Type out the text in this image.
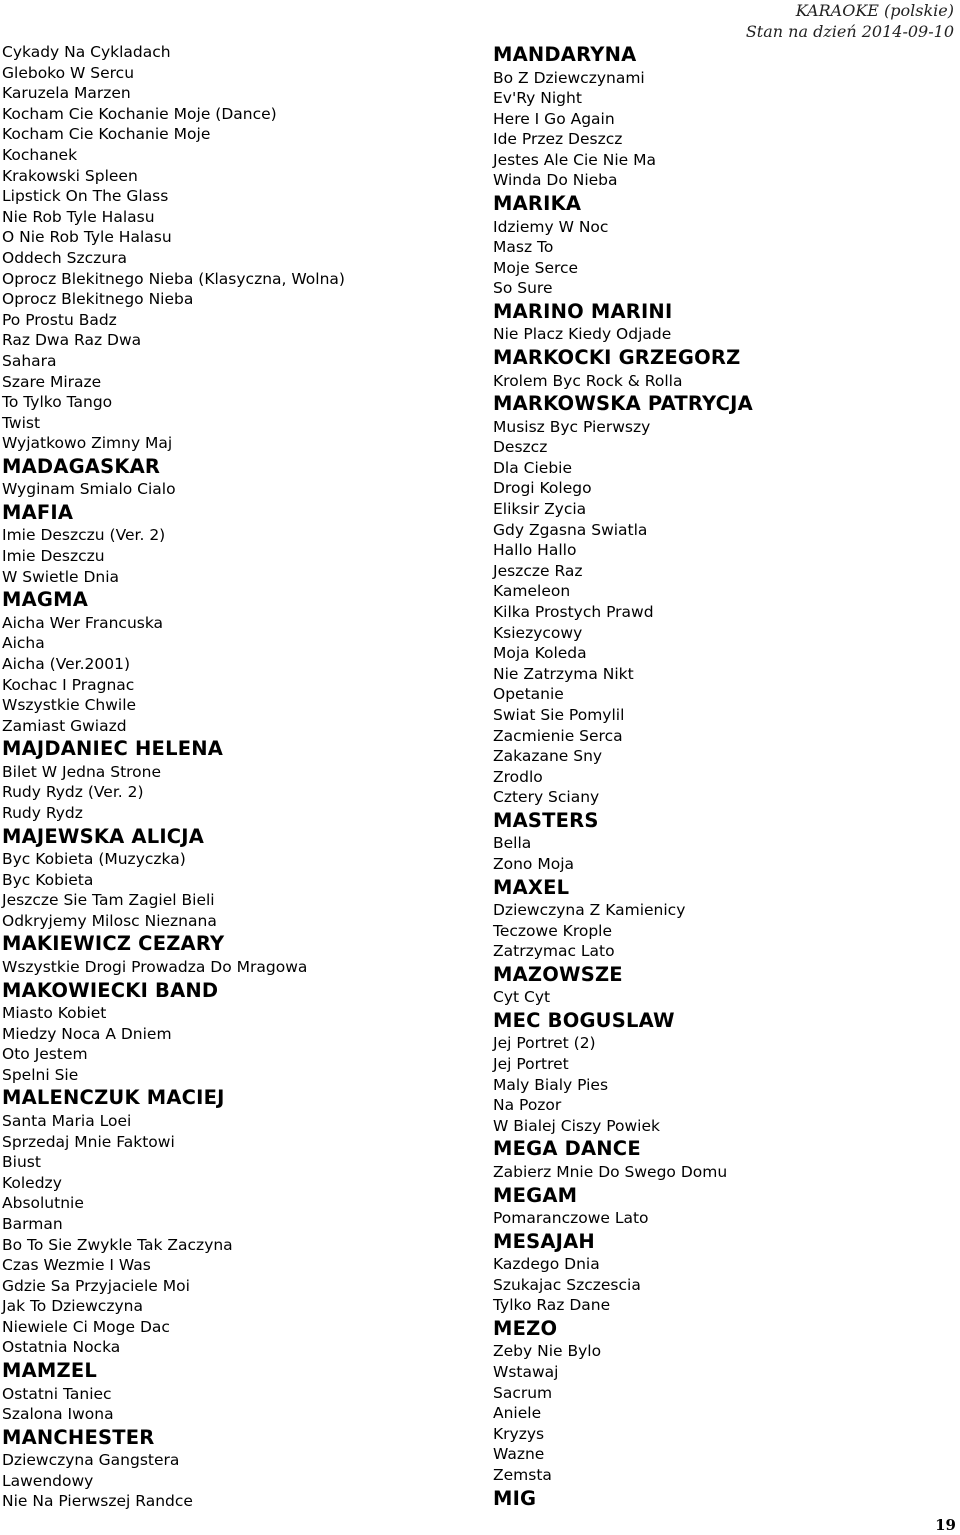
KARAOKE (polskie)
Stan na dzień 2014-09-10
Cykady Na Cykladach
Gleboko W Sercu
Karuzela Marzen
Kocham Cie Kochanie Moje (Dance)
Kocham Cie Kochanie Moje
Kochanek
Krakowski Spleen
Lipstick On The Glass
Nie Rob Tyle Halasu
O Nie Rob Tyle Halasu
Oddech Szczura
Oprocz Blekitnego Nieba (Klasyczna, Wolna)
Oprocz Blekitnego Nieba
Po Prostu Badz
Raz Dwa Raz Dwa
Sahara
Szare Miraze
To Tylko Tango
Twist
Wyjatkowo Zimny Maj
MADAGASKAR
Wyginam Smialo Cialo
MAFIA
Imie Deszczu (Ver. 2)
Imie Deszczu
W Swietle Dnia
MAGMA
Aicha Wer Francuska
Aicha
Aicha (Ver.2001)
Kochac I Pragnac
Wszystkie Chwile
Zamiast Gwiazd
MAJDANIEC HELENA
Bilet W Jedna Strone
Rudy Rydz (Ver. 2)
Rudy Rydz
MAJEWSKA ALICJA
Byc Kobieta (Muzyczka)
Byc Kobieta
Jeszcze Sie Tam Zagiel Bieli
Odkryjemy Milosc Nieznana
MAKIEWICZ CEZARY
Wszystkie Drogi Prowadza Do Mragowa
MAKOWIECKI BAND
Miasto Kobiet
Miedzy Noca A Dniem
Oto Jestem
Spelni Sie
MALENCZUK MACIEJ
Santa Maria Loei
Sprzedaj Mnie Faktowi
Biust
Koledzy
Absolutnie
Barman
Bo To Sie Zwykle Tak Zaczyna
Czas Wezmie I Was
Gdzie Sa Przyjaciele Moi
Jak To Dziewczyna
Niewiele Ci Moge Dac
Ostatnia Nocka
MAMZEL
Ostatni Taniec
Szalona Iwona
MANCHESTER
Dziewczyna Gangstera
Lawendowy
Nie Na Pierwszej Randce
MANDARYNA
Bo Z Dziewczynami
Ev'Ry Night
Here I Go Again
Ide Przez Deszcz
Jestes Ale Cie Nie Ma
Winda Do Nieba
MARIKA
Idziemy W Noc
Masz To
Moje Serce
So Sure
MARINO MARINI
Nie Placz Kiedy Odjade
MARKOCKI GRZEGORZ
Krolem Byc Rock & Rolla
MARKOWSKA PATRYCJA
Musisz Byc Pierwszy
Deszcz
Dla Ciebie
Drogi Kolego
Eliksir Zycia
Gdy Zgasna Swiatla
Hallo Hallo
Jeszcze Raz
Kameleon
Kilka Prostych Prawd
Ksiezycowy
Moja Koleda
Nie Zatrzyma Nikt
Opetanie
Swiat Sie Pomylil
Zacmienie Serca
Zakazane Sny
Zrodlo
Cztery Sciany
MASTERS
Bella
Zono Moja
MAXEL
Dziewczyna Z Kamienicy
Teczowe Krople
Zatrzymac Lato
MAZOWSZE
Cyt Cyt
MEC BOGUSLAW
Jej Portret (2)
Jej Portret
Maly Bialy Pies
Na Pozor
W Bialej Ciszy Powiek
MEGA DANCE
Zabierz Mnie Do Swego Domu
MEGAM
Pomaranczowe Lato
MESAJAH
Kazdego Dnia
Szukajac Szczescia
Tylko Raz Dane
MEZO
Zeby Nie Bylo
Wstawaj
Sacrum
Aniele
Kryzys
Wazne
Zemsta
MIG
19
